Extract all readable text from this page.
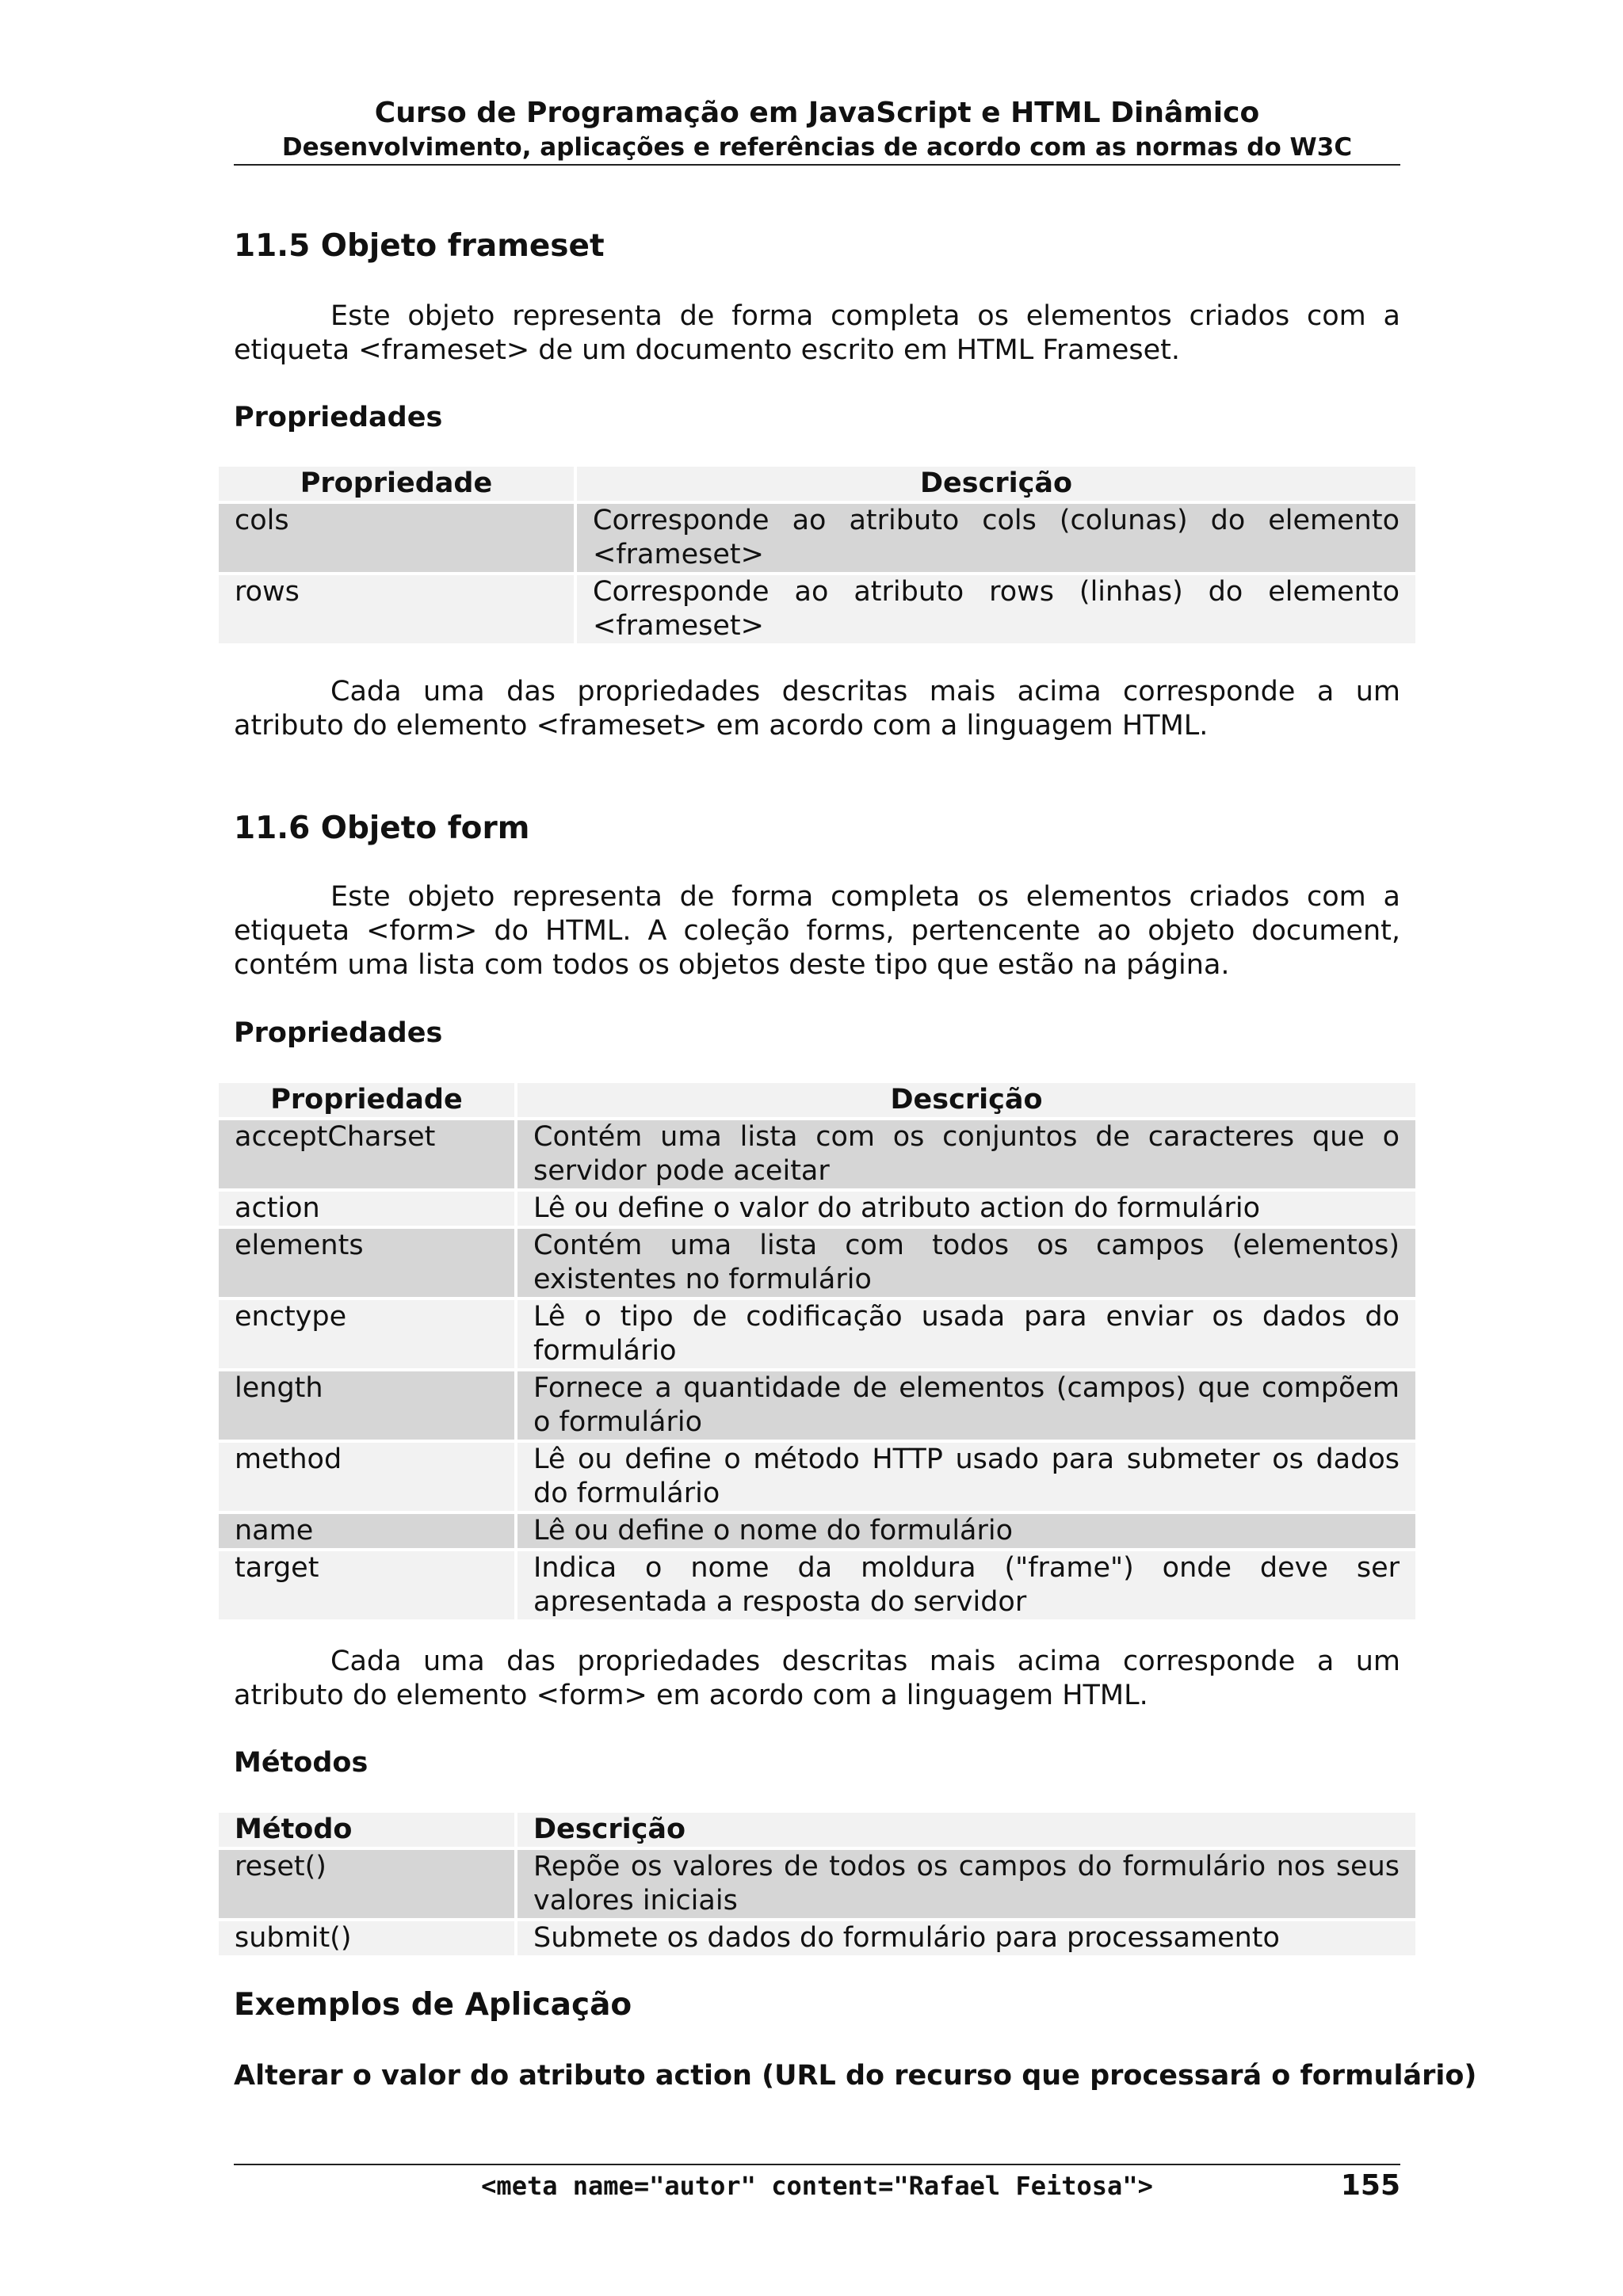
Curso de Programação em JavaScript e HTML Dinâmico
Desenvolvimento, aplicações e referências de acordo com as normas do W3C
11.5 Objeto frameset

Este objeto representa de forma completa os elementos criados com a etiqueta <frameset> de um documento escrito em HTML Frameset.

Propriedades
Propriedade	Descrição
cols	Corresponde ao atributo cols (colunas) do elemento <frameset>
rows	Corresponde ao atributo rows (linhas) do elemento <frameset>

Cada uma das propriedades descritas mais acima corresponde a um atributo do elemento <frameset> em acordo com a linguagem HTML.

11.6 Objeto form

Este objeto representa de forma completa os elementos criados com a etiqueta <form> do HTML. A coleção forms, pertencente ao objeto document, contém uma lista com todos os objetos deste tipo que estão na página.

Propriedades
Propriedade	Descrição
acceptCharset	Contém uma lista com os conjuntos de caracteres que o servidor pode aceitar
action	Lê ou define o valor do atributo action do formulário
elements	Contém uma lista com todos os campos (elementos) existentes no formulário
enctype	Lê o tipo de codificação usada para enviar os dados do formulário
length	Fornece a quantidade de elementos (campos) que compõem o formulário
method	Lê ou define o método HTTP usado para submeter os dados do formulário
name	Lê ou define o nome do formulário
target	Indica o nome da moldura ("frame") onde deve ser apresentada a resposta do servidor

Cada uma das propriedades descritas mais acima corresponde a um atributo do elemento <form> em acordo com a linguagem HTML.

Métodos
Método	Descrição
reset()	Repõe os valores de todos os campos do formulário nos seus valores iniciais
submit()	Submete os dados do formulário para processamento
Exemplos de Aplicação
Alterar o valor do atributo action (URL do recurso que processará o formulário)
<meta name="autor" content="Rafael Feitosa">	155
